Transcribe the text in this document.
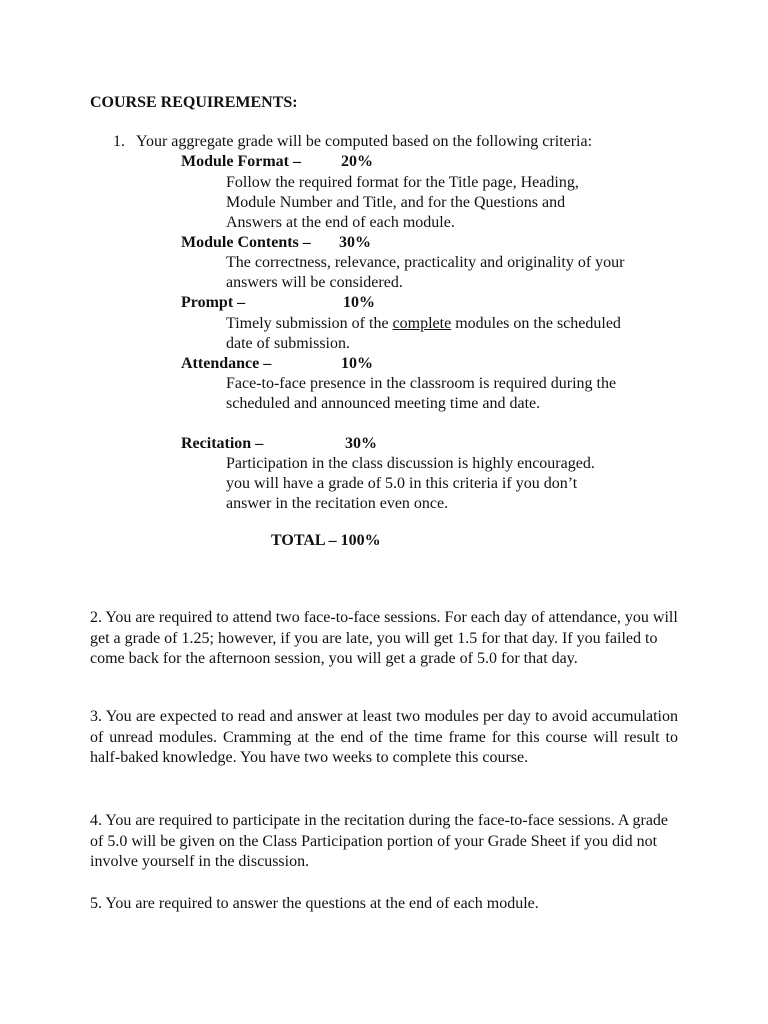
COURSE REQUIREMENTS:
1. Your aggregate grade will be computed based on the following criteria:
Module Format –	20%
Follow the required format for the Title page, Heading,
Module Number and Title, and for the Questions and
Answers at the end of each module.
Module Contents – 30%
The correctness, relevance, practicality and originality of your
answers will be considered.
Prompt –	10%
Timely submission of the complete modules on the scheduled
date of submission.
Attendance –	10%
Face-to-face presence in the classroom is required during the
scheduled and announced meeting time and date.
Recitation –	30%
Participation in the class discussion is highly encouraged.
you will have a grade of 5.0 in this criteria if you don’t
answer in the recitation even once.
TOTAL – 100%
2. You are required to attend two face-to-face sessions. For each day of attendance, you will get a grade of 1.25; however, if you are late, you will get 1.5 for that day. If you failed to come back for the afternoon session, you will get a grade of 5.0 for that day.
3. You are expected to read and answer at least two modules per day to avoid accumulation of unread modules. Cramming at the end of the time frame for this course will result to half-baked knowledge. You have two weeks to complete this course.
4. You are required to participate in the recitation during the face-to-face sessions. A grade of 5.0 will be given on the Class Participation portion of your Grade Sheet if you did not involve yourself in the discussion.
5. You are required to answer the questions at the end of each module.
